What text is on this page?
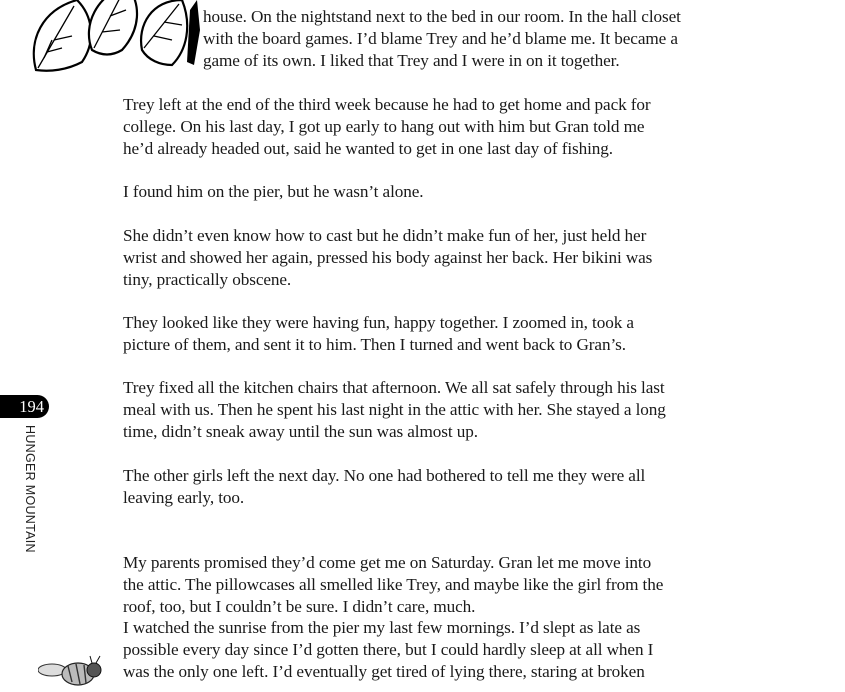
194
HUNGER MOUNTAIN
house. On the nightstand next to the bed in our room. In the hall closet
with the board games. I’d blame Trey and he’d blame me. It became a
game of its own. I liked that Trey and I were in on it together.
Trey left at the end of the third week because he had to get home and pack for
college. On his last day, I got up early to hang out with him but Gran told me
he’d already headed out, said he wanted to get in one last day of fishing.
I found him on the pier, but he wasn’t alone.
She didn’t even know how to cast but he didn’t make fun of her, just held her
wrist and showed her again, pressed his body against her back. Her bikini was
tiny, practically obscene.
They looked like they were having fun, happy together. I zoomed in, took a
picture of them, and sent it to him. Then I turned and went back to Gran’s.
Trey fixed all the kitchen chairs that afternoon. We all sat safely through his last
meal with us. Then he spent his last night in the attic with her. She stayed a long
time, didn’t sneak away until the sun was almost up.
The other girls left the next day. No one had bothered to tell me they were all
leaving early, too.
My parents promised they’d come get me on Saturday. Gran let me move into
the attic. The pillowcases all smelled like Trey, and maybe like the girl from the
roof, too, but I couldn’t be sure. I didn’t care, much.
I watched the sunrise from the pier my last few mornings. I’d slept as late as
possible every day since I’d gotten there, but I could hardly sleep at all when I
was the only one left. I’d eventually get tired of lying there, staring at broken
